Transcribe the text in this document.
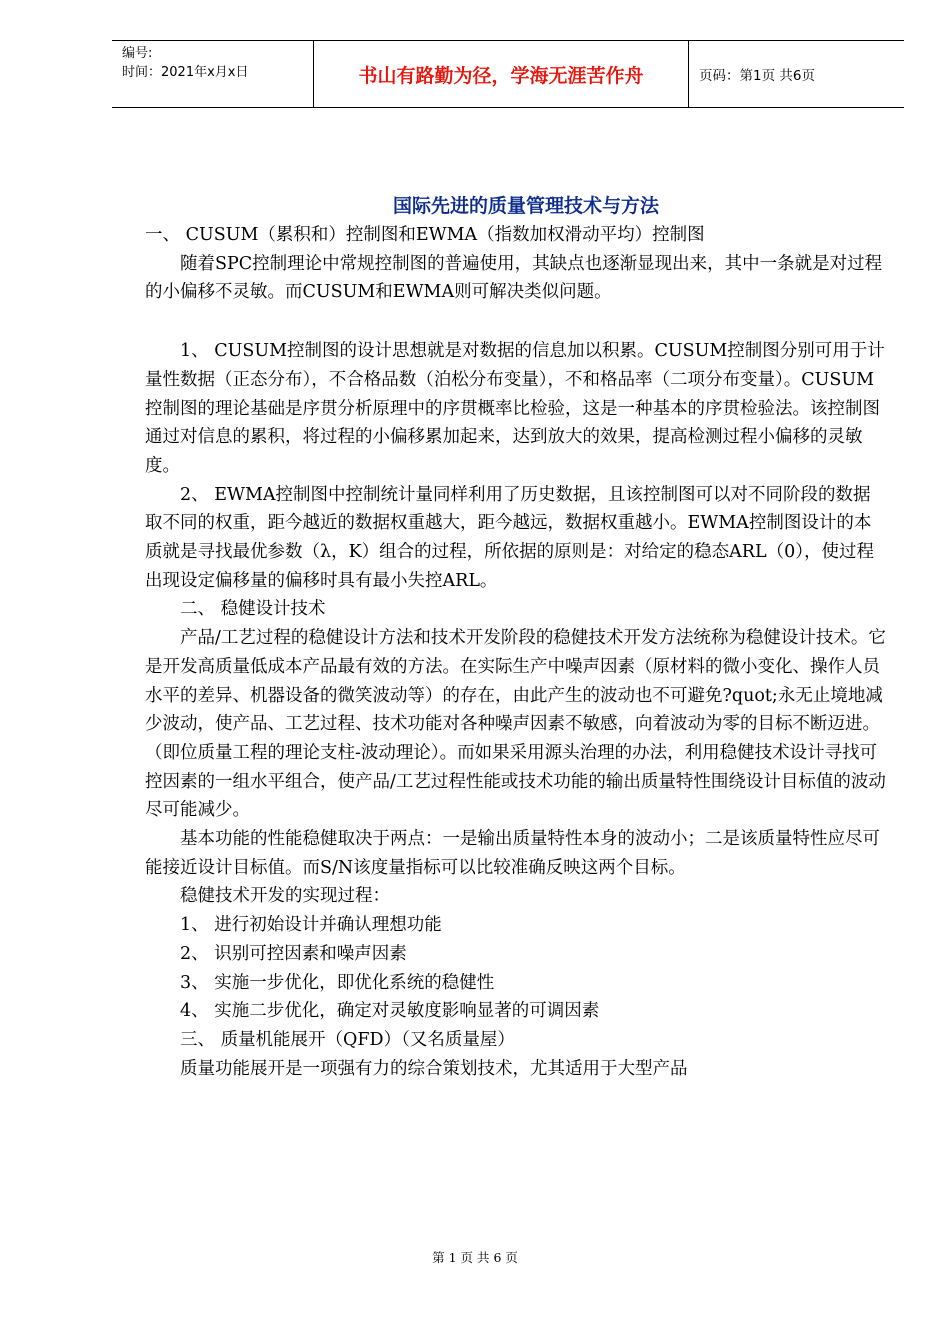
编号:
时间：2021年x月x日	书山有路勤为径，学海无涯苦作舟	页码：第1页 共6页
国际先进的质量管理技术与方法

一、 CUSUM（累积和）控制图和EWMA（指数加权滑动平均）控制图

随着SPC控制理论中常规控制图的普遍使用，其缺点也逐渐显现出来，其中一条就是对过程的小偏移不灵敏。而CUSUM和EWMA则可解决类似问题。

1、 CUSUM控制图的设计思想就是对数据的信息加以积累。CUSUM控制图分别可用于计量性数据（正态分布），不合格品数（泊松分布变量），不和格品率（二项分布变量）。CUSUM控制图的理论基础是序贯分析原理中的序贯概率比检验，这是一种基本的序贯检验法。该控制图通过对信息的累积，将过程的小偏移累加起来，达到放大的效果，提高检测过程小偏移的灵敏度。

2、 EWMA控制图中控制统计量同样利用了历史数据，且该控制图可以对不同阶段的数据取不同的权重，距今越近的数据权重越大，距今越远，数据权重越小。EWMA控制图设计的本质就是寻找最优参数（λ，K）组合的过程，所依据的原则是：对给定的稳态ARL（0），使过程出现设定偏移量的偏移时具有最小失控ARL。

二、 稳健设计技术

产品/工艺过程的稳健设计方法和技术开发阶段的稳健技术开发方法统称为稳健设计技术。它是开发高质量低成本产品最有效的方法。在实际生产中噪声因素（原材料的微小变化、操作人员水平的差异、机器设备的微笑波动等）的存在，由此产生的波动也不可避免?quot;永无止境地减少波动，使产品、工艺过程、技术功能对各种噪声因素不敏感，向着波动为零的目标不断迈进。（即位质量工程的理论支柱-波动理论）。而如果采用源头治理的办法，利用稳健技术设计寻找可控因素的一组水平组合，使产品/工艺过程性能或技术功能的输出质量特性围绕设计目标值的波动尽可能减少。

基本功能的性能稳健取决于两点：一是输出质量特性本身的波动小；二是该质量特性应尽可能接近设计目标值。而S/N该度量指标可以比较准确反映这两个目标。

稳健技术开发的实现过程：

1、 进行初始设计并确认理想功能

2、 识别可控因素和噪声因素

3、 实施一步优化，即优化系统的稳健性

4、 实施二步优化，确定对灵敏度影响显著的可调因素

三、 质量机能展开（QFD）（又名质量屋）

质量功能展开是一项强有力的综合策划技术，尤其适用于大型产品

第 1 页 共 6 页
